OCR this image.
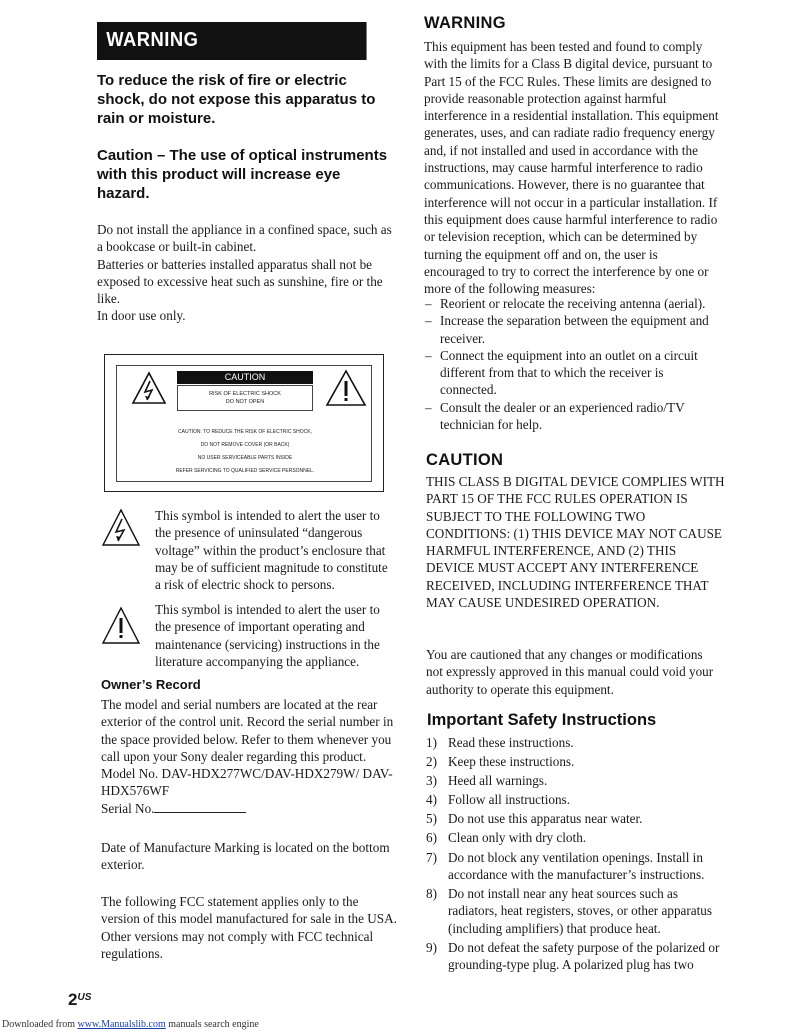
WARNING
To reduce the risk of fire or electric shock, do not expose this apparatus to rain or moisture.
Caution – The use of optical instruments with this product will increase eye hazard.
Do not install the appliance in a confined space, such as a bookcase or built-in cabinet.
Batteries or batteries installed apparatus shall not be exposed to excessive heat such as sunshine, fire or the like.
In door use only.
CAUTION
RISK OF ELECTRIC SHOCK
DO NOT OPEN
CAUTION: TO REDUCE THE RISK OF ELECTRIC SHOCK,
DO NOT REMOVE COVER (OR BACK)
NO USER SERVICEABLE PARTS INSIDE
REFER SERVICING TO QUALIFIED SERVICE PERSONNEL.
This symbol is intended to alert the user to the presence of uninsulated “dangerous voltage” within the product’s enclosure that may be of sufficient magnitude to constitute a risk of electric shock to persons.
This symbol is intended to alert the user to the presence of important operating and maintenance (servicing) instructions in the literature accompanying the appliance.
Owner’s Record
The model and serial numbers are located at the rear exterior of the control unit. Record the serial number in the space provided below. Refer to them whenever you call upon your Sony dealer regarding this product.
Model No. DAV-HDX277WC/DAV-HDX279W/ DAV-HDX576WF
Serial No.
Date of Manufacture Marking is located on the bottom exterior.
The following FCC statement applies only to the version of this model manufactured for sale in the USA. Other versions may not comply with FCC technical regulations.
WARNING
This equipment has been tested and found to comply with the limits for a Class B digital device, pursuant to Part 15 of the FCC Rules. These limits are designed to provide reasonable protection against harmful interference in a residential installation. This equipment generates, uses, and can radiate radio frequency energy and, if not installed and used in accordance with the instructions, may cause harmful interference to radio communications. However, there is no guarantee that interference will not occur in a particular installation. If this equipment does cause harmful interference to radio or television reception, which can be determined by turning the equipment off and on, the user is encouraged to try to correct the interference by one or more of the following measures:
– Reorient or relocate the receiving antenna (aerial).
– Increase the separation between the equipment and receiver.
– Connect the equipment into an outlet on a circuit different from that to which the receiver is connected.
– Consult the dealer or an experienced radio/TV technician for help.
CAUTION
THIS CLASS B DIGITAL DEVICE COMPLIES WITH PART 15 OF THE FCC RULES OPERATION IS SUBJECT TO THE FOLLOWING TWO CONDITIONS: (1) THIS DEVICE MAY NOT CAUSE HARMFUL INTERFERENCE, AND (2) THIS DEVICE MUST ACCEPT ANY INTERFERENCE RECEIVED, INCLUDING INTERFERENCE THAT MAY CAUSE UNDESIRED OPERATION.
You are cautioned that any changes or modifications not expressly approved in this manual could void your authority to operate this equipment.
Important Safety Instructions
1) Read these instructions.
2) Keep these instructions.
3) Heed all warnings.
4) Follow all instructions.
5) Do not use this apparatus near water.
6) Clean only with dry cloth.
7) Do not block any ventilation openings. Install in accordance with the manufacturer’s instructions.
8) Do not install near any heat sources such as radiators, heat registers, stoves, or other apparatus (including amplifiers) that produce heat.
9) Do not defeat the safety purpose of the polarized or grounding-type plug. A polarized plug has two
$2^{US}$
Downloaded from www.Manualslib.com manuals search engine
